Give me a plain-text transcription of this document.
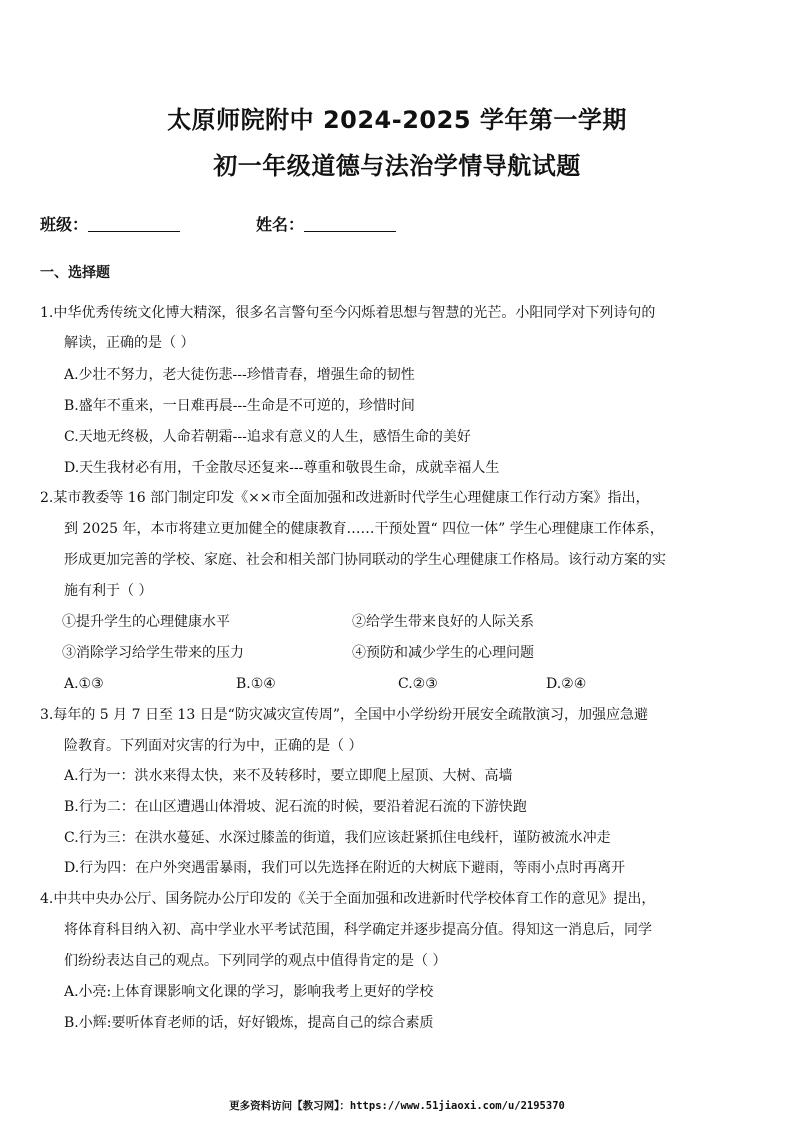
太原师院附中 2024-2025 学年第一学期
初一年级道德与法治学情导航试题
班级：	姓名：
一、选择题
1.中华优秀传统文化博大精深，很多名言警句至今闪烁着思想与智慧的光芒。小阳同学对下列诗句的
解读，正确的是（ ）
A.少壮不努力，老大徒伤悲---珍惜青春，增强生命的韧性
B.盛年不重来，一日难再晨---生命是不可逆的，珍惜时间
C.天地无终极，人命若朝霜---追求有意义的人生，感悟生命的美好
D.天生我材必有用，千金散尽还复来---尊重和敬畏生命，成就幸福人生
2.某市教委等 16 部门制定印发《××市全面加强和改进新时代学生心理健康工作行动方案》指出，
到 2025 年，本市将建立更加健全的健康教育……干预处置“ 四位一体” 学生心理健康工作体系，
形成更加完善的学校、家庭、社会和相关部门协同联动的学生心理健康工作格局。该行动方案的实
施有利于（ ）
①提升学生的心理健康水平	②给学生带来良好的人际关系
③消除学习给学生带来的压力	④预防和减少学生的心理问题
A.①③	B.①④	C.②③	D.②④
3.每年的 5 月 7 日至 13 日是“防灾减灾宣传周”，全国中小学纷纷开展安全疏散演习，加强应急避
险教育。下列面对灾害的行为中，正确的是（ ）
A.行为一：洪水来得太快，来不及转移时，要立即爬上屋顶、大树、高墙
B.行为二：在山区遭遇山体滑坡、泥石流的时候，要沿着泥石流的下游快跑
C.行为三：在洪水蔓延、水深过膝盖的街道，我们应该赶紧抓住电线杆，谨防被流水冲走
D.行为四：在户外突遇雷暴雨，我们可以先选择在附近的大树底下避雨，等雨小点时再离开
4.中共中央办公厅、国务院办公厅印发的《关于全面加强和改进新时代学校体育工作的意见》提出，
将体育科目纳入初、高中学业水平考试范围，科学确定并逐步提高分值。得知这一消息后，同学
们纷纷表达自己的观点。下列同学的观点中值得肯定的是（ ）
A.小亮:上体育课影响文化课的学习，影响我考上更好的学校
B.小辉:要听体育老师的话，好好锻炼，提高自己的综合素质
更多资料访问【教习网】：https://www.51jiaoxi.com/u/2195370
